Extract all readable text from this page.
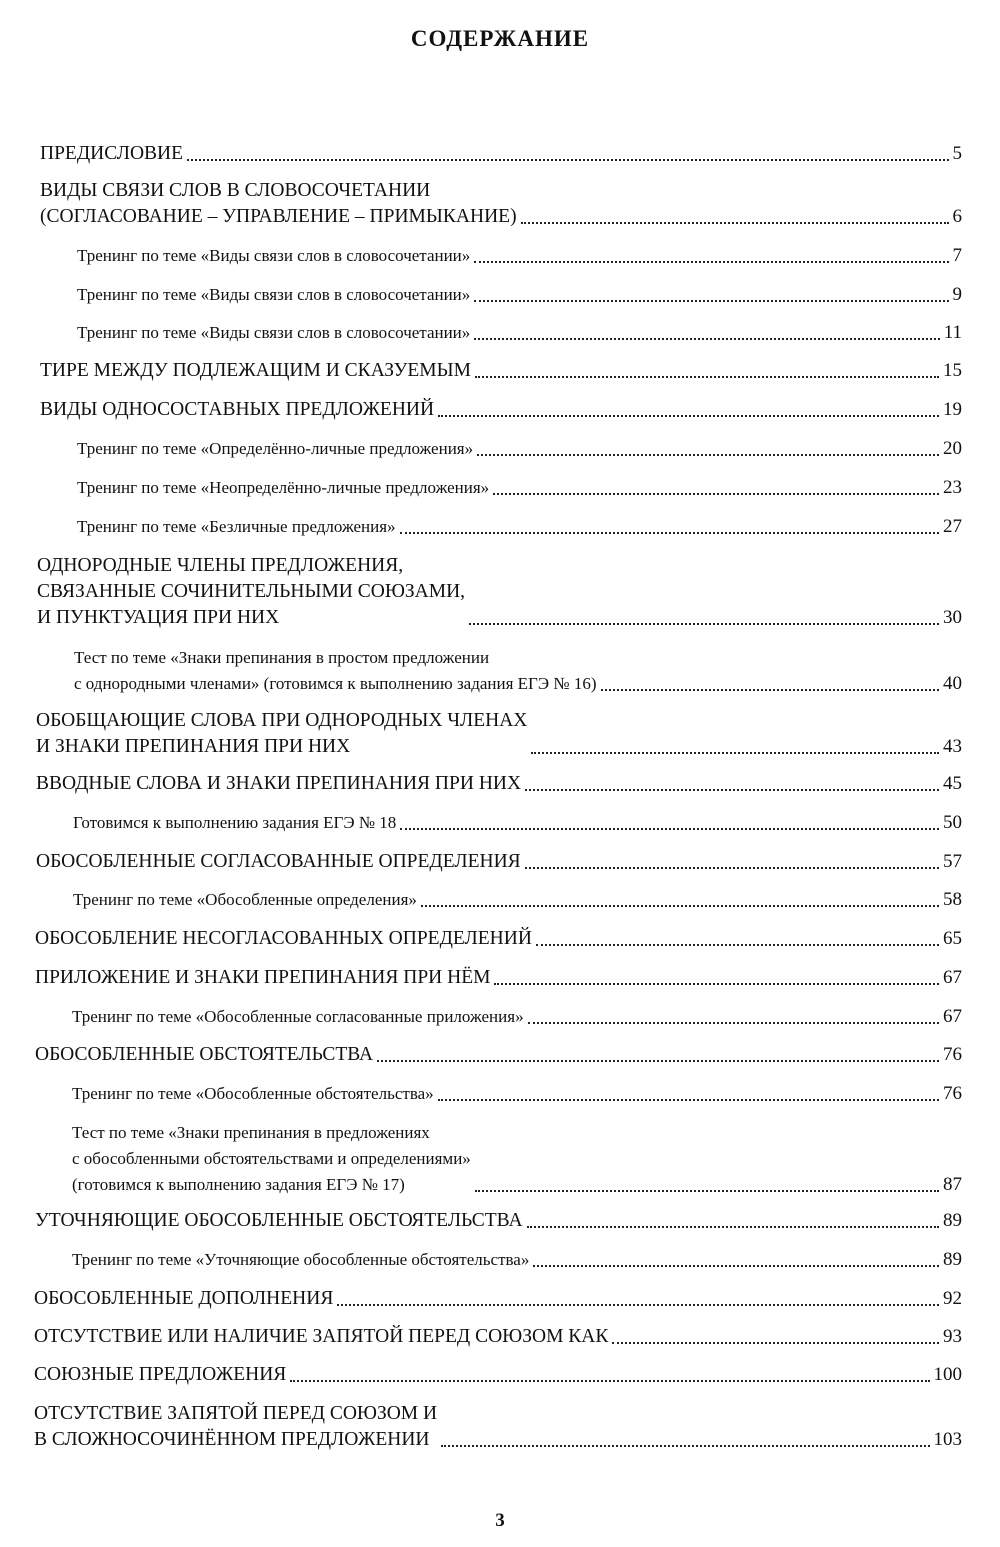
СОДЕРЖАНИЕ
ПРЕДИСЛОВИЕ	5
ВИДЫ СВЯЗИ СЛОВ В СЛОВОСОЧЕТАНИИ
(СОГЛАСОВАНИЕ – УПРАВЛЕНИЕ – ПРИМЫКАНИЕ)	6
Тренинг по теме «Виды связи слов в словосочетании»	7
Тренинг по теме «Виды связи слов в словосочетании»	9
Тренинг по теме «Виды связи слов в словосочетании»	11
ТИРЕ МЕЖДУ ПОДЛЕЖАЩИМ И СКАЗУЕМЫМ	15
ВИДЫ ОДНОСОСТАВНЫХ ПРЕДЛОЖЕНИЙ	19
Тренинг по теме «Определённо-личные предложения»	20
Тренинг по теме «Неопределённо-личные предложения»	23
Тренинг по теме «Безличные предложения»	27
ОДНОРОДНЫЕ ЧЛЕНЫ ПРЕДЛОЖЕНИЯ,
СВЯЗАННЫЕ СОЧИНИТЕЛЬНЫМИ СОЮЗАМИ,
И ПУНКТУАЦИЯ ПРИ НИХ	30
Тест по теме «Знаки препинания в простом предложении
с однородными членами» (готовимся к выполнению задания ЕГЭ № 16)	40
ОБОБЩАЮЩИЕ СЛОВА ПРИ ОДНОРОДНЫХ ЧЛЕНАХ
И ЗНАКИ ПРЕПИНАНИЯ ПРИ НИХ	43
ВВОДНЫЕ СЛОВА И ЗНАКИ ПРЕПИНАНИЯ ПРИ НИХ	45
Готовимся к выполнению задания ЕГЭ № 18	50
ОБОСОБЛЕННЫЕ СОГЛАСОВАННЫЕ ОПРЕДЕЛЕНИЯ	57
Тренинг по теме «Обособленные определения»	58
ОБОСОБЛЕНИЕ НЕСОГЛАСОВАННЫХ ОПРЕДЕЛЕНИЙ	65
ПРИЛОЖЕНИЕ И ЗНАКИ ПРЕПИНАНИЯ ПРИ НЁМ	67
Тренинг по теме «Обособленные согласованные приложения»	67
ОБОСОБЛЕННЫЕ ОБСТОЯТЕЛЬСТВА	76
Тренинг по теме «Обособленные обстоятельства»	76
Тест по теме «Знаки препинания в предложениях
с обособленными обстоятельствами и определениями»
(готовимся к выполнению задания ЕГЭ № 17)	87
УТОЧНЯЮЩИЕ ОБОСОБЛЕННЫЕ ОБСТОЯТЕЛЬСТВА	89
Тренинг по теме «Уточняющие обособленные обстоятельства»	89
ОБОСОБЛЕННЫЕ ДОПОЛНЕНИЯ	92
ОТСУТСТВИЕ ИЛИ НАЛИЧИЕ ЗАПЯТОЙ ПЕРЕД СОЮЗОМ КАК	93
СОЮЗНЫЕ ПРЕДЛОЖЕНИЯ	100
ОТСУТСТВИЕ ЗАПЯТОЙ ПЕРЕД СОЮЗОМ И
В СЛОЖНОСОЧИНЁННОМ ПРЕДЛОЖЕНИИ	103
3
